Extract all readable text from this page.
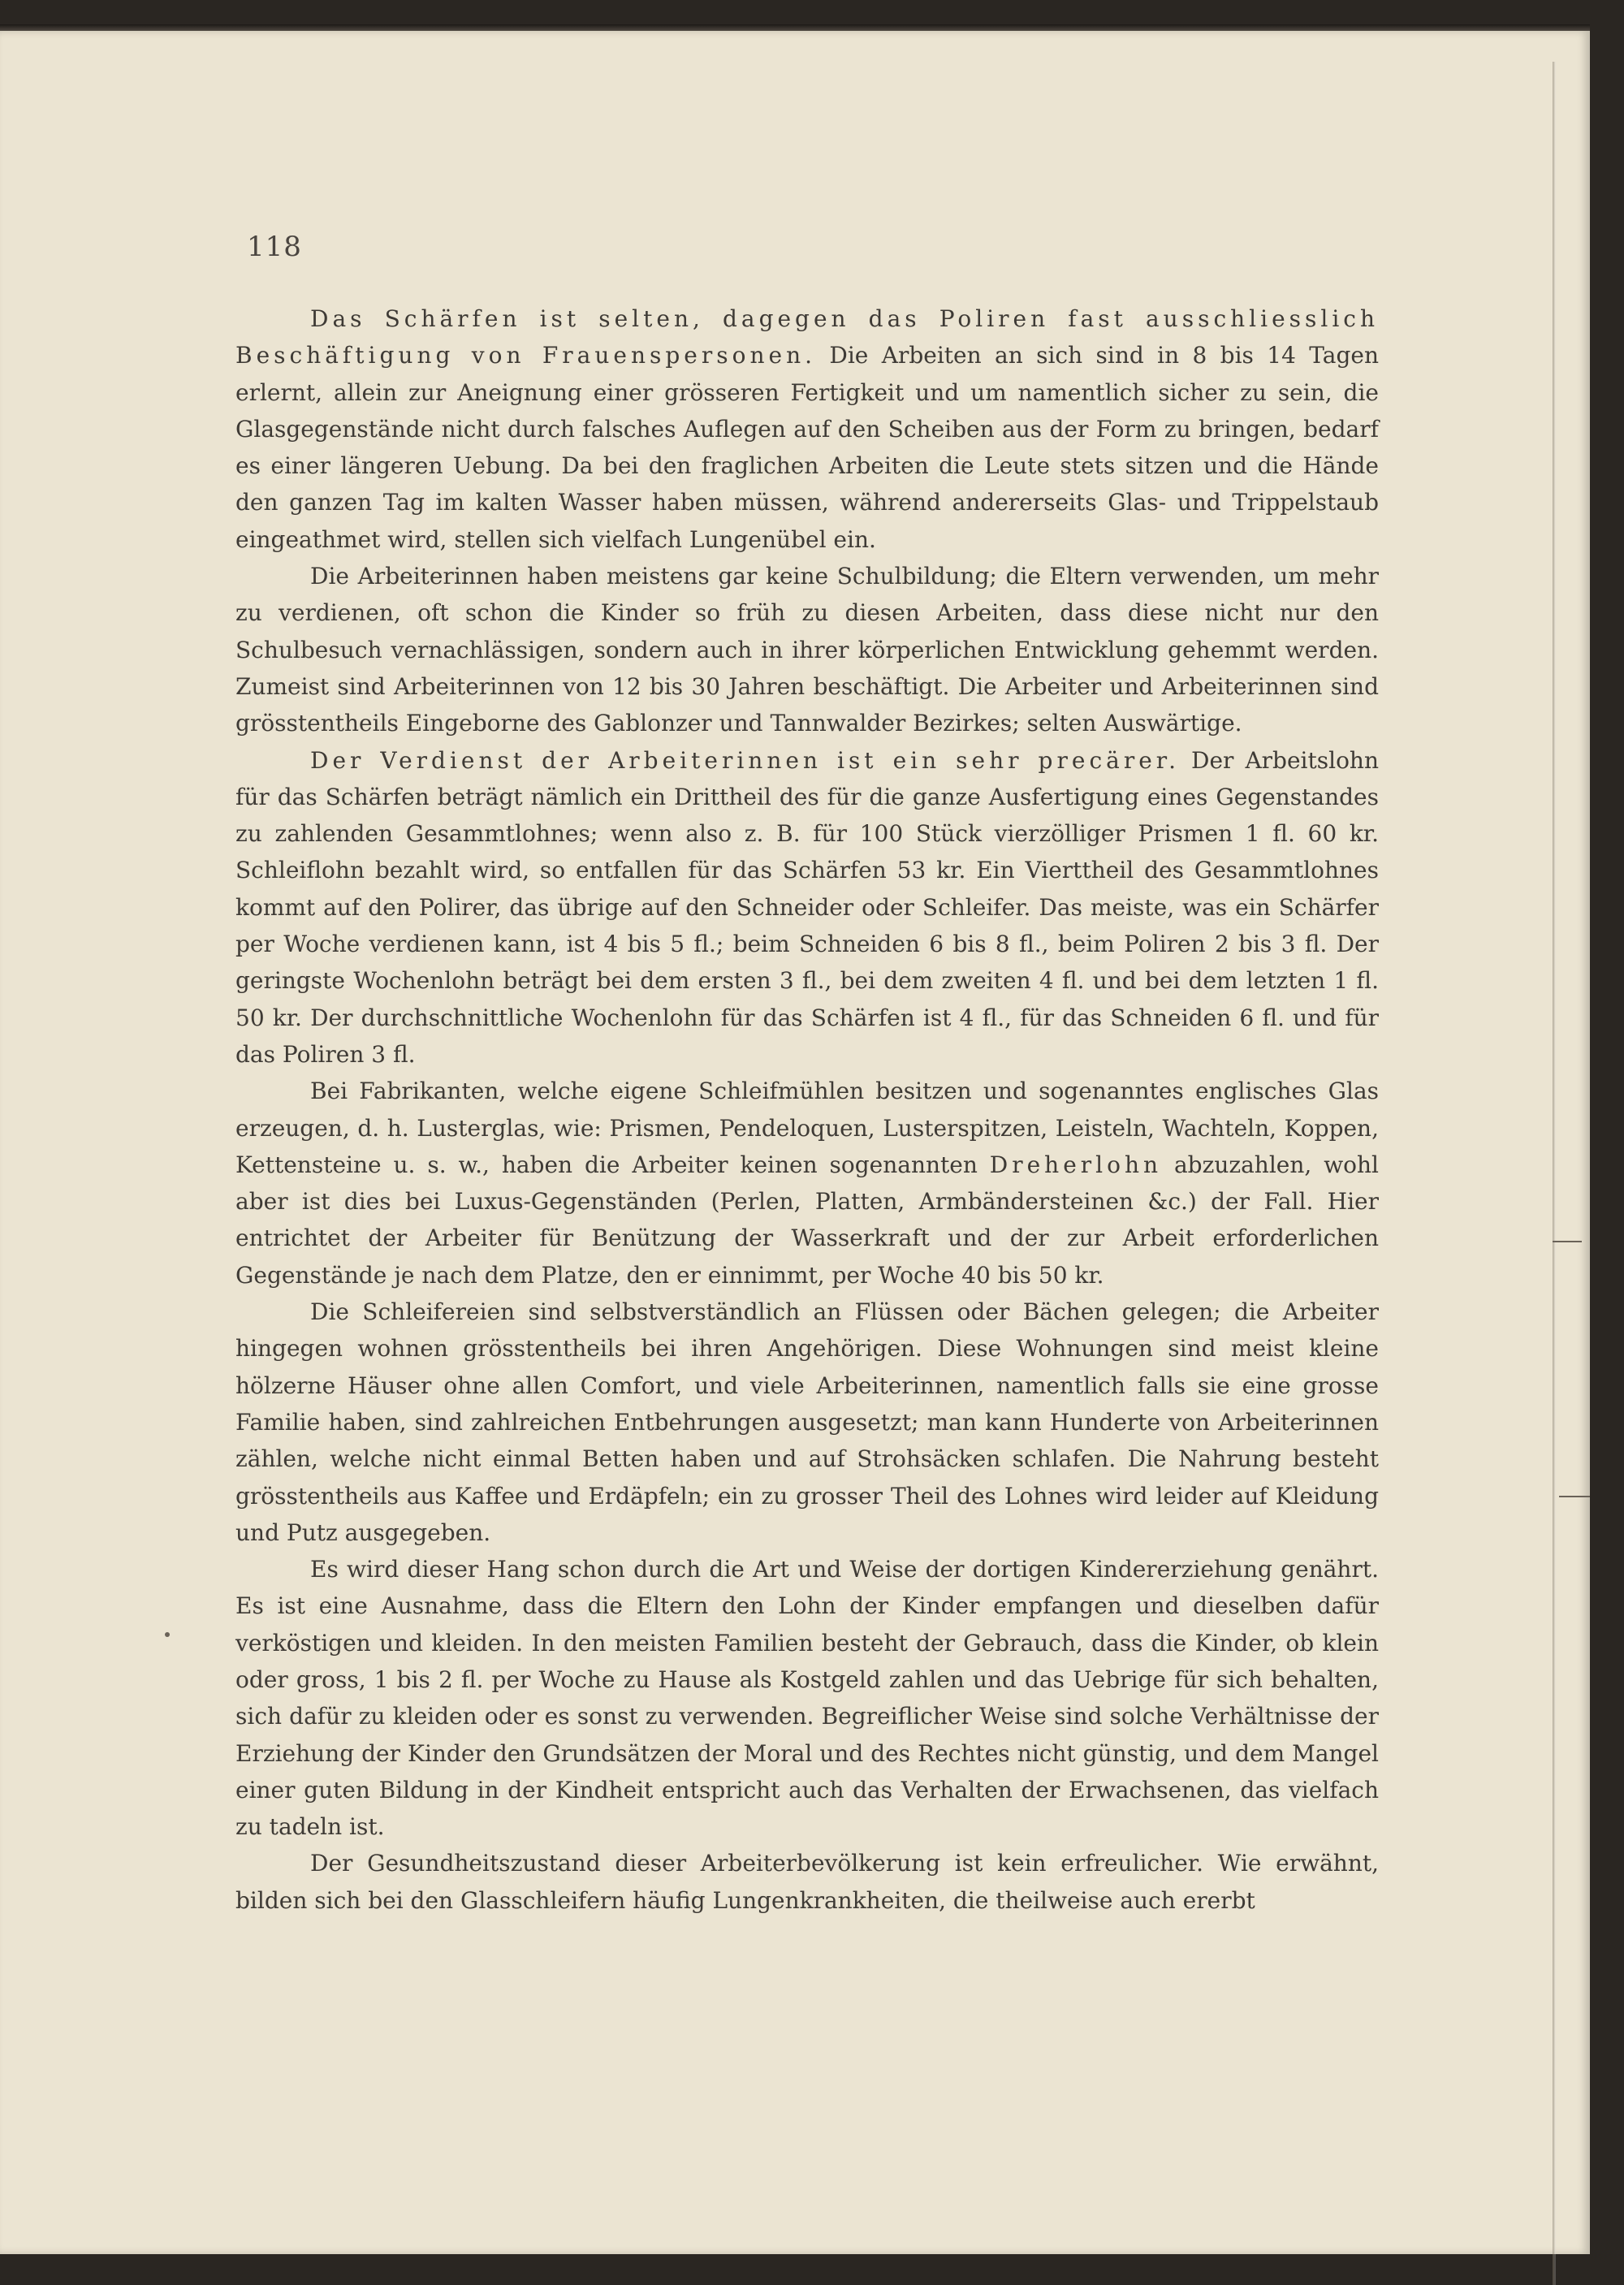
118

Das Schärfen ist selten, dagegen das Poliren fast ausschliesslich Beschäftigung von Frauenspersonen. Die Arbeiten an sich sind in 8 bis 14 Tagen erlernt, allein zur Aneignung einer grösseren Fertigkeit und um namentlich sicher zu sein, die Glasgegenstände nicht durch falsches Auflegen auf den Scheiben aus der Form zu bringen, bedarf es einer längeren Uebung. Da bei den fraglichen Arbeiten die Leute stets sitzen und die Hände den ganzen Tag im kalten Wasser haben müssen, während andererseits Glas- und Trippelstaub eingeathmet wird, stellen sich vielfach Lungenübel ein.

Die Arbeiterinnen haben meistens gar keine Schulbildung; die Eltern verwenden, um mehr zu verdienen, oft schon die Kinder so früh zu diesen Arbeiten, dass diese nicht nur den Schulbesuch vernachlässigen, sondern auch in ihrer körperlichen Entwicklung gehemmt werden. Zumeist sind Arbeiterinnen von 12 bis 30 Jahren beschäftigt. Die Arbeiter und Arbeiterinnen sind grösstentheils Eingeborne des Gablonzer und Tannwalder Bezirkes; selten Auswärtige.

Der Verdienst der Arbeiterinnen ist ein sehr precärer. Der Arbeitslohn für das Schärfen beträgt nämlich ein Drittheil des für die ganze Ausfertigung eines Gegenstandes zu zahlenden Gesammtlohnes; wenn also z. B. für 100 Stück vierzölliger Prismen 1 fl. 60 kr. Schleiflohn bezahlt wird, so entfallen für das Schärfen 53 kr. Ein Vierttheil des Gesammtlohnes kommt auf den Polirer, das übrige auf den Schneider oder Schleifer. Das meiste, was ein Schärfer per Woche verdienen kann, ist 4 bis 5 fl.; beim Schneiden 6 bis 8 fl., beim Poliren 2 bis 3 fl. Der geringste Wochenlohn beträgt bei dem ersten 3 fl., bei dem zweiten 4 fl. und bei dem letzten 1 fl. 50 kr. Der durchschnittliche Wochenlohn für das Schärfen ist 4 fl., für das Schneiden 6 fl. und für das Poliren 3 fl.

Bei Fabrikanten, welche eigene Schleifmühlen besitzen und sogenanntes englisches Glas erzeugen, d. h. Lusterglas, wie: Prismen, Pendeloquen, Lusterspitzen, Leisteln, Wachteln, Koppen, Kettensteine u. s. w., haben die Arbeiter keinen sogenannten Dreherlohn abzuzahlen, wohl aber ist dies bei Luxus-Gegenständen (Perlen, Platten, Armbändersteinen &c.) der Fall. Hier entrichtet der Arbeiter für Benützung der Wasserkraft und der zur Arbeit erforderlichen Gegenstände je nach dem Platze, den er einnimmt, per Woche 40 bis 50 kr.

Die Schleifereien sind selbstverständlich an Flüssen oder Bächen gelegen; die Arbeiter hingegen wohnen grösstentheils bei ihren Angehörigen. Diese Wohnungen sind meist kleine hölzerne Häuser ohne allen Comfort, und viele Arbeiterinnen, namentlich falls sie eine grosse Familie haben, sind zahlreichen Entbehrungen ausgesetzt; man kann Hunderte von Arbeiterinnen zählen, welche nicht einmal Betten haben und auf Strohsäcken schlafen. Die Nahrung besteht grösstentheils aus Kaffee und Erdäpfeln; ein zu grosser Theil des Lohnes wird leider auf Kleidung und Putz ausgegeben.

Es wird dieser Hang schon durch die Art und Weise der dortigen Kindererziehung genährt. Es ist eine Ausnahme, dass die Eltern den Lohn der Kinder empfangen und dieselben dafür verköstigen und kleiden. In den meisten Familien besteht der Gebrauch, dass die Kinder, ob klein oder gross, 1 bis 2 fl. per Woche zu Hause als Kostgeld zahlen und das Uebrige für sich behalten, sich dafür zu kleiden oder es sonst zu verwenden. Begreiflicher Weise sind solche Verhältnisse der Erziehung der Kinder den Grundsätzen der Moral und des Rechtes nicht günstig, und dem Mangel einer guten Bildung in der Kindheit entspricht auch das Verhalten der Erwachsenen, das vielfach zu tadeln ist.

Der Gesundheitszustand dieser Arbeiterbevölkerung ist kein erfreulicher. Wie erwähnt, bilden sich bei den Glasschleifern häufig Lungenkrankheiten, die theilweise auch ererbt
